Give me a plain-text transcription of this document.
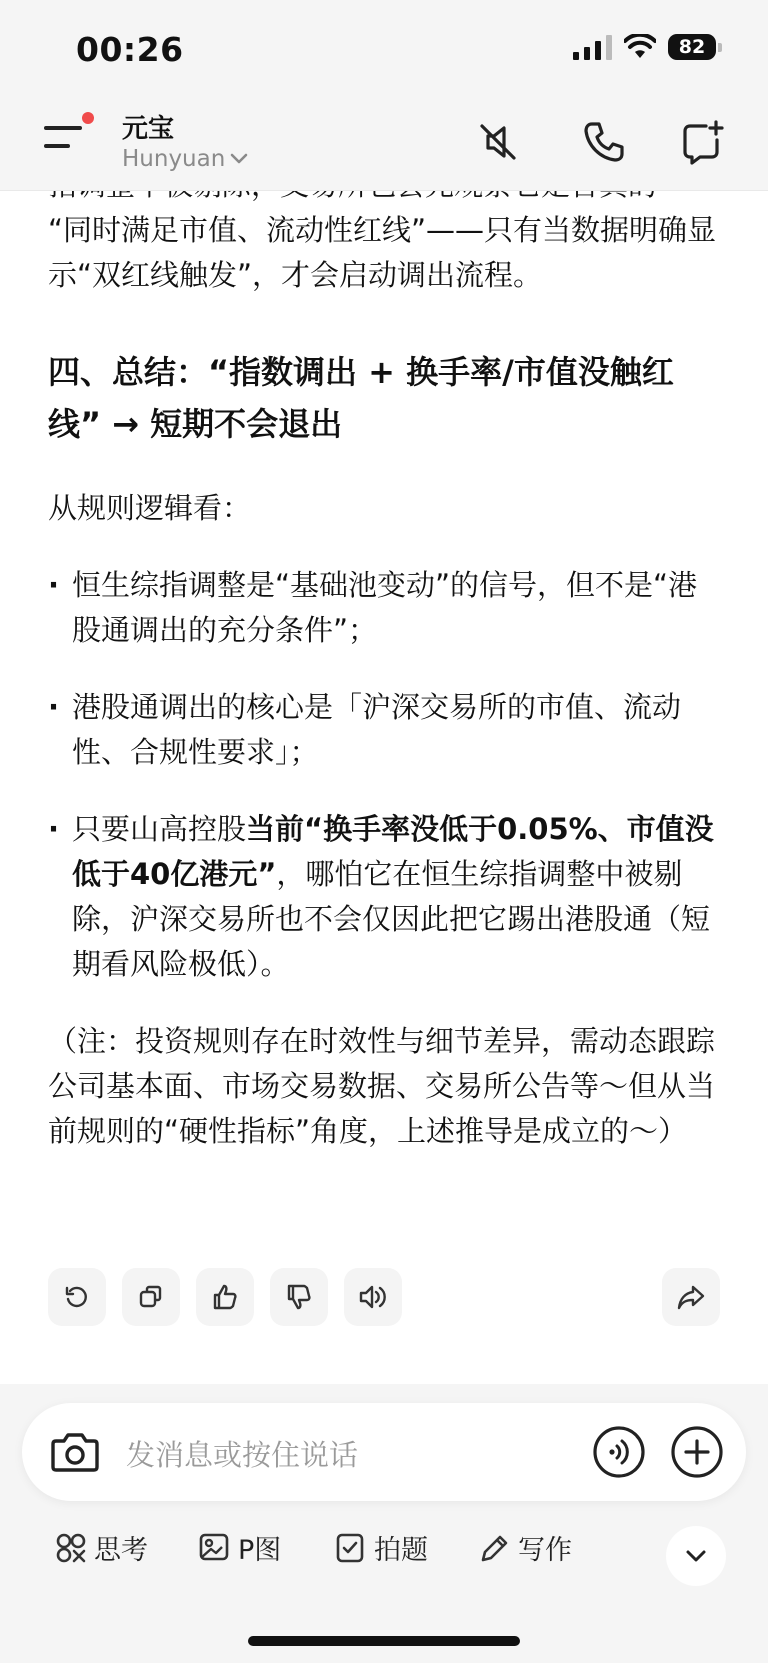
00:26	82
元宝
Hunyuan

“同时满足市值、流动性红线”——只有当数据明确显示“双红线触发”，才会启动调出流程。

四、总结：“指数调出 + 换手率/市值没触红线” → 短期不会退出

从规则逻辑看：

· 恒生综指调整是“基础池变动”的信号，但不是“港股通调出的充分条件”；
· 港股通调出的核心是「沪深交易所的市值、流动性、合规性要求」；
· 只要山高控股当前“换手率没低于0.05%、市值没低于40亿港元”，哪怕它在恒生综指调整中被剔除，沪深交易所也不会仅因此把它踢出港股通（短期看风险极低）。

（注：投资规则存在时效性与细节差异，需动态跟踪公司基本面、市场交易数据、交易所公告等～但从当前规则的“硬性指标”角度，上述推导是成立的～）

发消息或按住说话
思考	P图	拍题	写作
